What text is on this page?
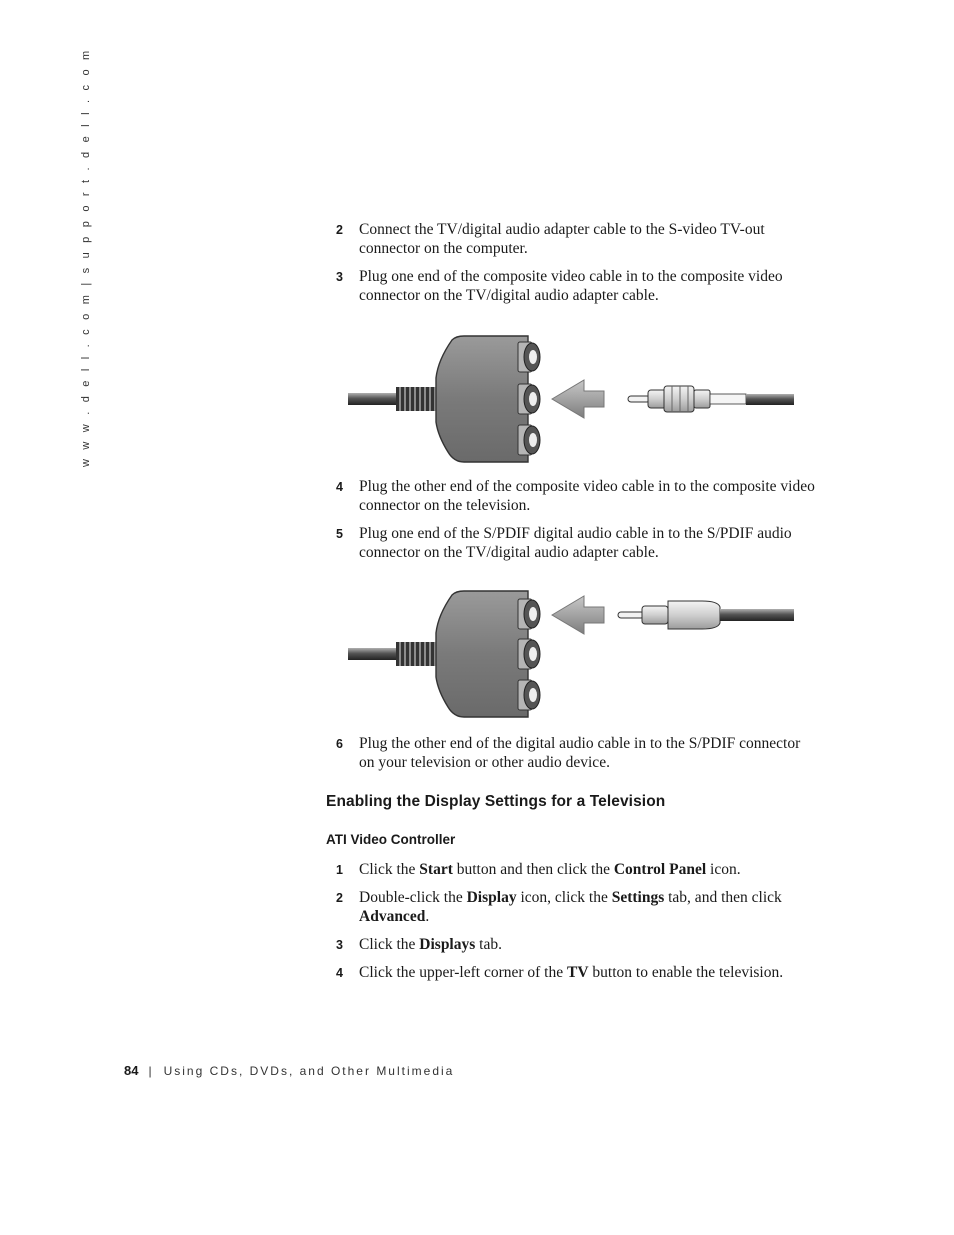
w w w . d e l l . c o m | s u p p o r t . d e l l . c o m	2 Connect the TV/digital audio adapter cable to the S-video TV-out connector on the computer.
3 Plug one end of the composite video cable in to the composite video connector on the TV/digital audio adapter cable.
4 Plug the other end of the composite video cable in to the composite video connector on the television.
5 Plug one end of the S/PDIF digital audio cable in to the S/PDIF audio connector on the TV/digital audio adapter cable.
6 Plug the other end of the digital audio cable in to the S/PDIF connector on your television or other audio device.
Enabling the Display Settings for a Television
ATI Video Controller
1 Click the Start button and then click the Control Panel icon.
2 Double-click the Display icon, click the Settings tab, and then click Advanced.
3 Click the Displays tab.
4 Click the upper-left corner of the TV button to enable the television.
84 | Using CDs, DVDs, and Other Multimedia
